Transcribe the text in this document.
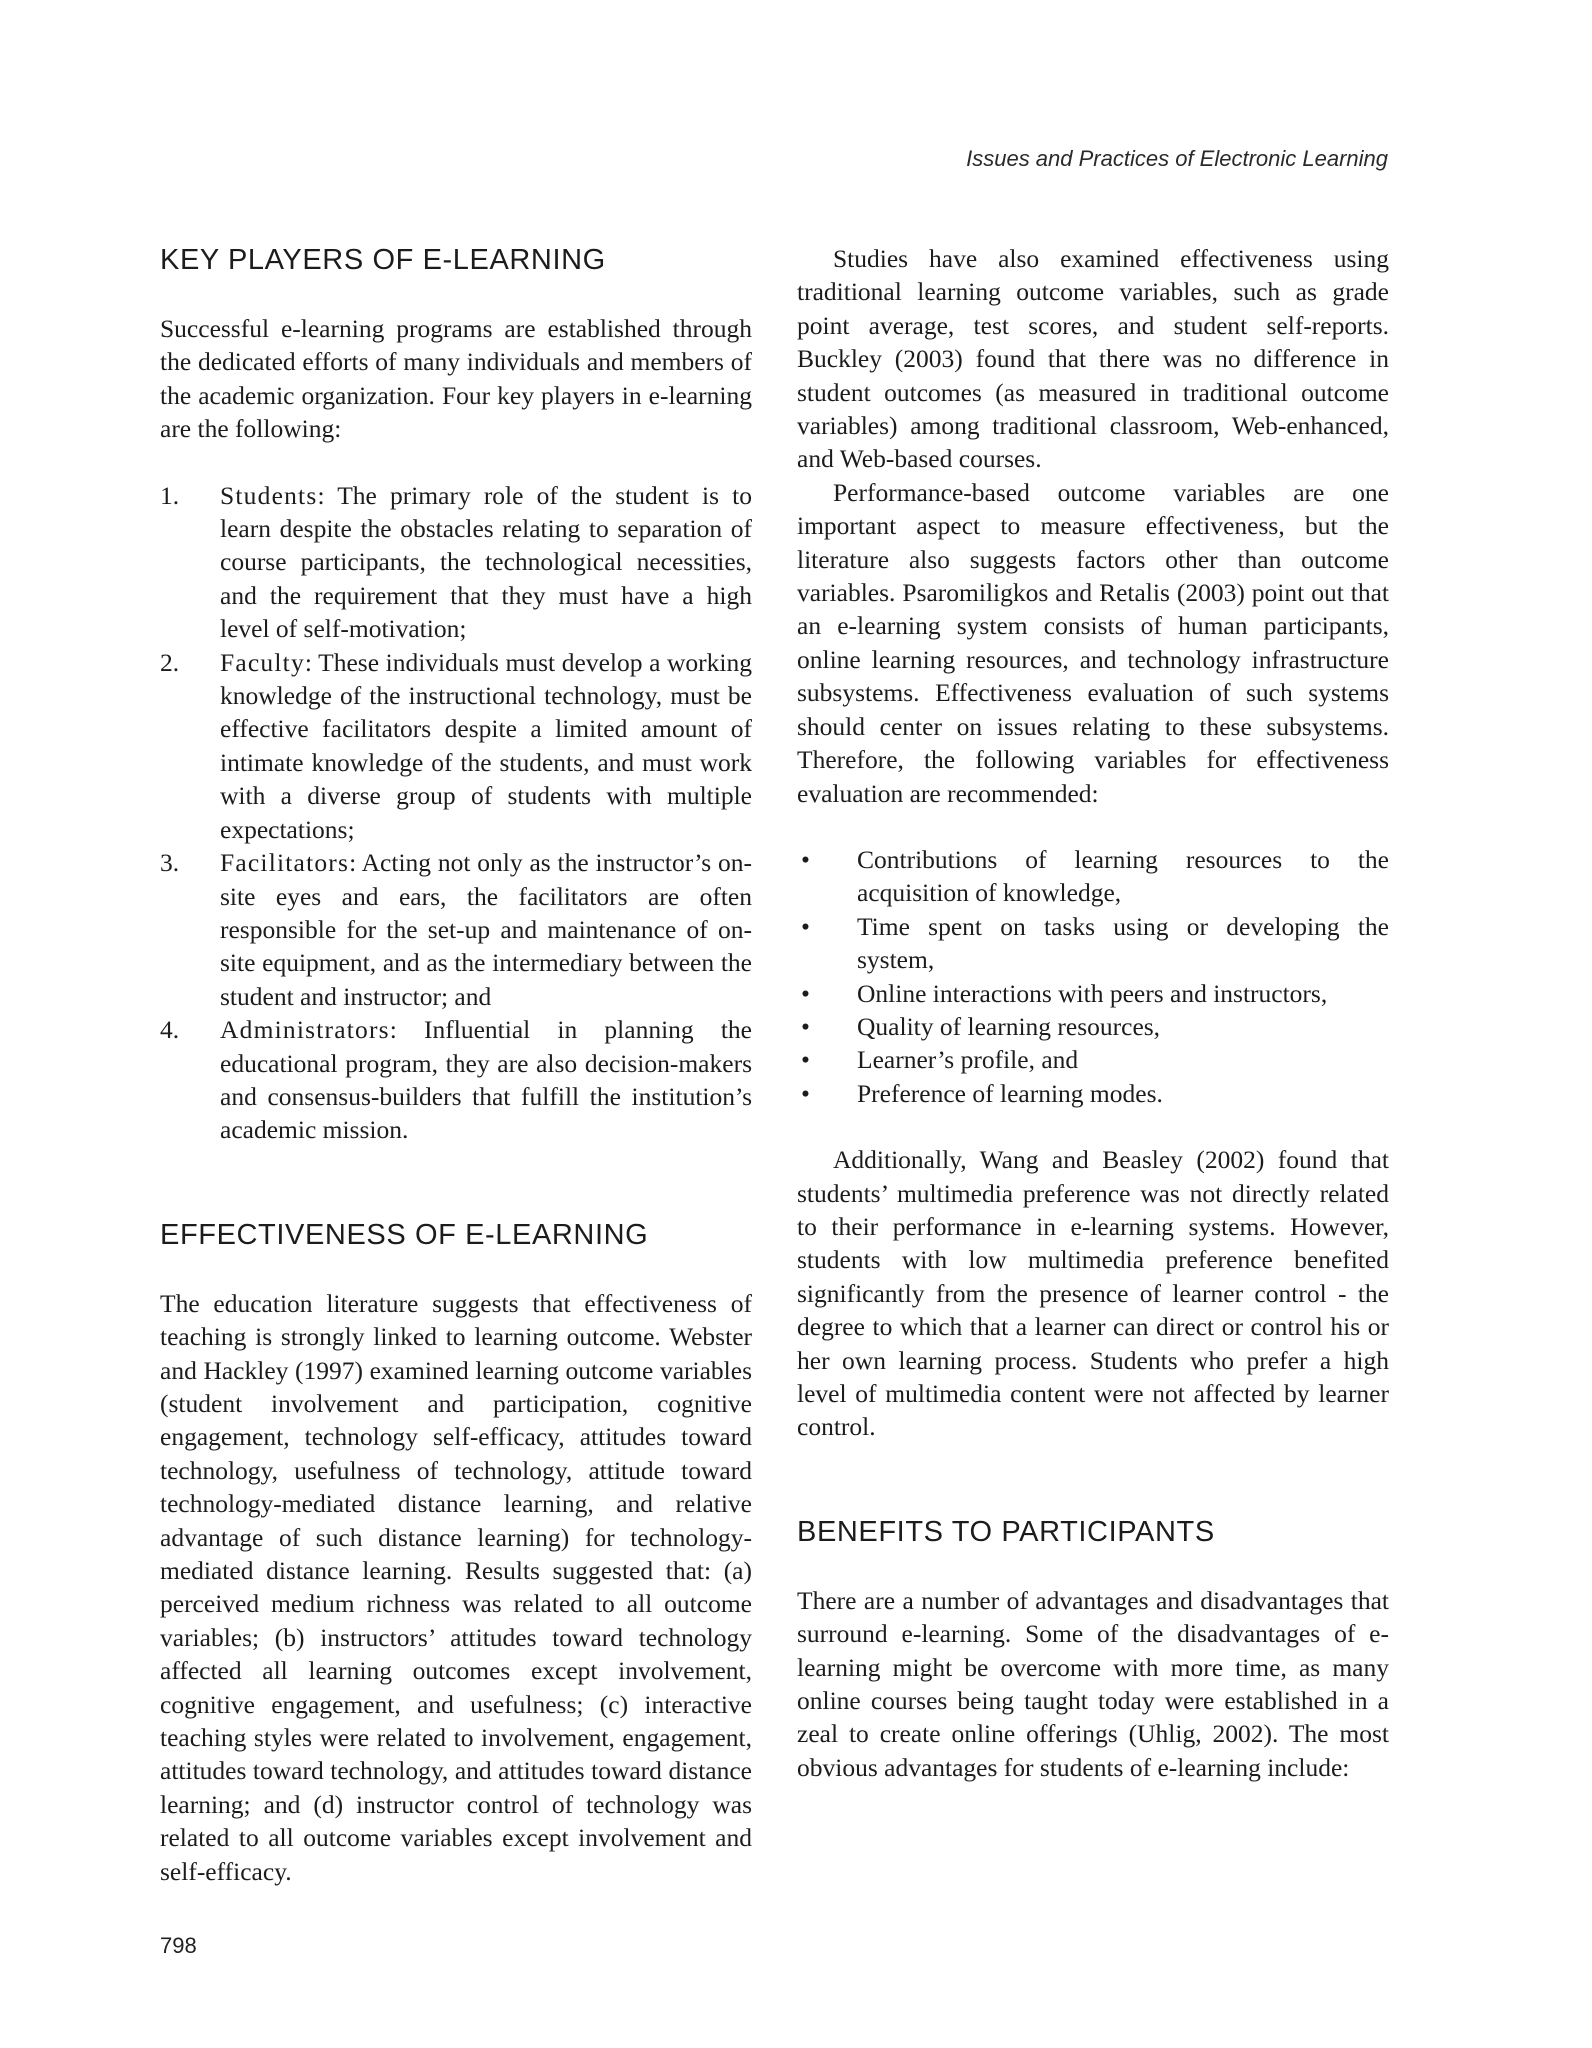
Issues and Practices of Electronic Learning
KEY PLAYERS OF E-LEARNING

Successful e-learning programs are established through the dedicated efforts of many individuals and members of the academic organization. Four key players in e-learning are the following:

1.	Students: The primary role of the student is to learn despite the obstacles relating to separation of course participants, the technological necessities, and the requirement that they must have a high level of self-motivation;
2.	Faculty: These individuals must develop a working knowledge of the instructional technology, must be effective facilitators despite a limited amount of intimate knowledge of the students, and must work with a diverse group of students with multiple expectations;
3.	Facilitators: Acting not only as the instructor’s on-site eyes and ears, the facilitators are often responsible for the set-up and maintenance of on-site equipment, and as the intermediary between the student and instructor; and
4.	Administrators: Influential in planning the educational program, they are also decision-makers and consensus-builders that fulfill the institution’s academic mission.
EFFECTIVENESS OF E-LEARNING

The education literature suggests that effectiveness of teaching is strongly linked to learning outcome. Webster and Hackley (1997) examined learning outcome variables (student involvement and participation, cognitive engagement, technology self-efficacy, attitudes toward technology, usefulness of technology, attitude toward technology-mediated distance learning, and relative advantage of such distance learning) for technology-mediated distance learning. Results suggested that: (a) perceived medium richness was related to all outcome variables; (b) instructors’ attitudes toward technology affected all learning outcomes except involvement, cognitive engagement, and usefulness; (c) interactive teaching styles were related to involvement, engagement, attitudes toward technology, and attitudes toward distance learning; and (d) instructor control of technology was related to all outcome variables except involvement and self-efficacy.

Studies have also examined effectiveness using traditional learning outcome variables, such as grade point average, test scores, and student self-reports. Buckley (2003) found that there was no difference in student outcomes (as measured in traditional outcome variables) among traditional classroom, Web-enhanced, and Web-based courses.

Performance-based outcome variables are one important aspect to measure effectiveness, but the literature also suggests factors other than outcome variables. Psaromiligkos and Retalis (2003) point out that an e-learning system consists of human participants, online learning resources, and technology infrastructure subsystems. Effectiveness evaluation of such systems should center on issues relating to these subsystems. Therefore, the following variables for effectiveness evaluation are recommended:

•	Contributions of learning resources to the acquisition of knowledge,
•	Time spent on tasks using or developing the system,
•	Online interactions with peers and instructors,
•	Quality of learning resources,
•	Learner’s profile, and
•	Preference of learning modes.

Additionally, Wang and Beasley (2002) found that students’ multimedia preference was not directly related to their performance in e-learning systems. However, students with low multimedia preference benefited significantly from the presence of learner control - the degree to which that a learner can direct or control his or her own learning process. Students who prefer a high level of multimedia content were not affected by learner control.

BENEFITS TO PARTICIPANTS

There are a number of advantages and disadvantages that surround e-learning. Some of the disadvantages of e-learning might be overcome with more time, as many online courses being taught today were established in a zeal to create online offerings (Uhlig, 2002). The most obvious advantages for students of e-learning include:

798
